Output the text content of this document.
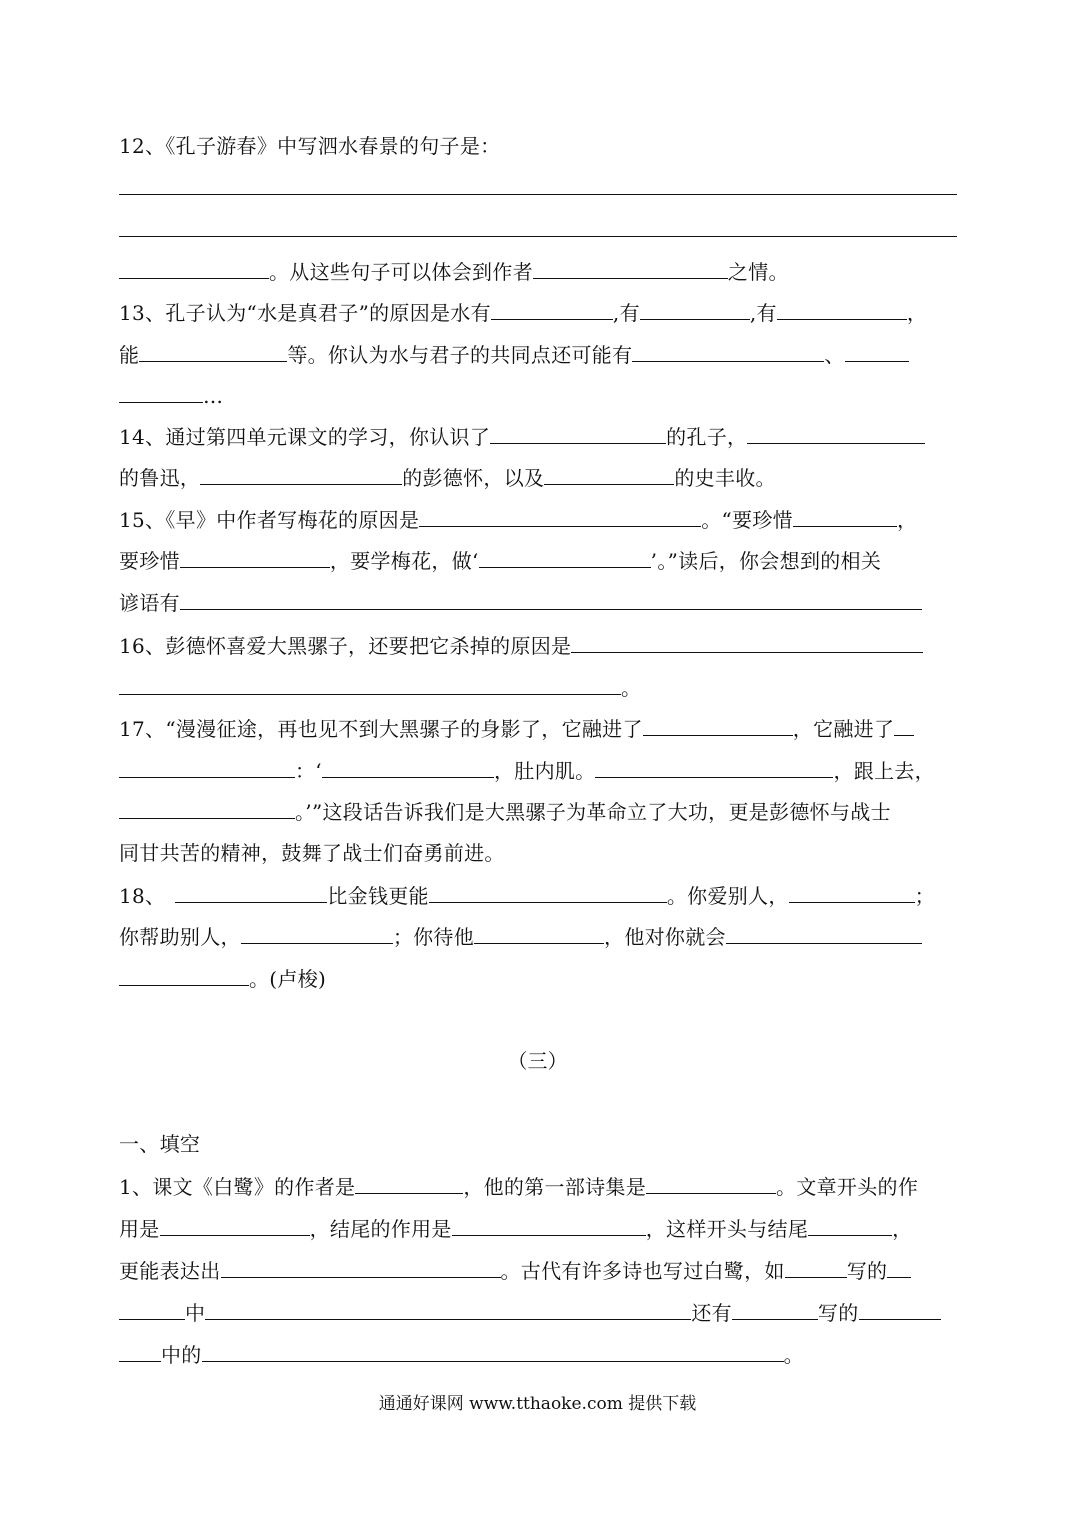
12、《孔子游春》中写泗水春景的句子是：
。从这些句子可以体会到作者	之情。
13、孔子认为“水是真君子”的原因是水有	,有	,有	，
能	等。你认为水与君子的共同点还可能有	、
…
14、通过第四单元课文的学习，你认识了	的孔子，
的鲁迅，	的彭德怀，以及	的史丰收。
15、《早》中作者写梅花的原因是	。“要珍惜	，
要珍惜	，要学梅花，做‘	’。”读后，你会想到的相关
谚语有
16、彭德怀喜爱大黑骡子，还要把它杀掉的原因是
。
17、“漫漫征途，再也见不到大黑骡子的身影了，它融进了	，它融进了
：‘	，肚内肌。	，跟上去，
。’”这段话告诉我们是大黑骡子为革命立了大功，更是彭德怀与战士
同甘共苦的精神，鼓舞了战士们奋勇前进。
18、	比金钱更能	。你爱别人，	；
你帮助别人，	；你待他	，他对你就会
。(卢梭)
（三）
一、填空
1、课文《白鹭》的作者是	，他的第一部诗集是	。文章开头的作
用是	，结尾的作用是	，这样开头与结尾	，
更能表达出	。古代有许多诗也写过白鹭，如	写的
中	还有	写的
中的	。
通通好课网 www.tthaoke.com 提供下载
